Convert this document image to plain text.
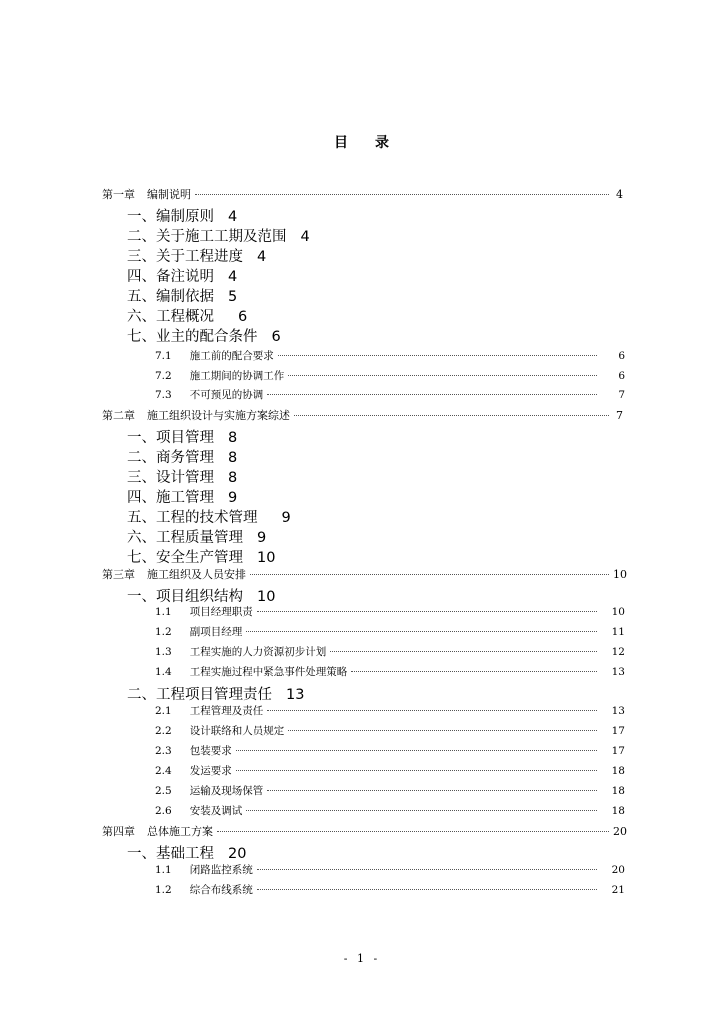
目 录
第一章 编制说明	4
一、编制原则 4
二、关于施工工期及范围 4
三、关于工程进度 4
四、备注说明 4
五、编制依据 5
六、工程概况 6
七、业主的配合条件 6
7.1 施工前的配合要求	6
7.2 施工期间的协调工作	6
7.3 不可预见的协调	7
第二章 施工组织设计与实施方案综述	7
一、项目管理 8
二、商务管理 8
三、设计管理 8
四、施工管理 9
五、工程的技术管理 9
六、工程质量管理 9
七、安全生产管理 10
第三章 施工组织及人员安排	10
一、项目组织结构 10
1.1 项目经理职责	10
1.2 副项目经理	11
1.3 工程实施的人力资源初步计划	12
1.4 工程实施过程中紧急事件处理策略	13
二、工程项目管理责任 13
2.1 工程管理及责任	13
2.2 设计联络和人员规定	17
2.3 包装要求	17
2.4 发运要求	18
2.5 运输及现场保管	18
2.6 安装及调试	18
第四章 总体施工方案	20
一、基础工程 20
1.1 闭路监控系统	20
1.2 综合布线系统	21
- 1 -
